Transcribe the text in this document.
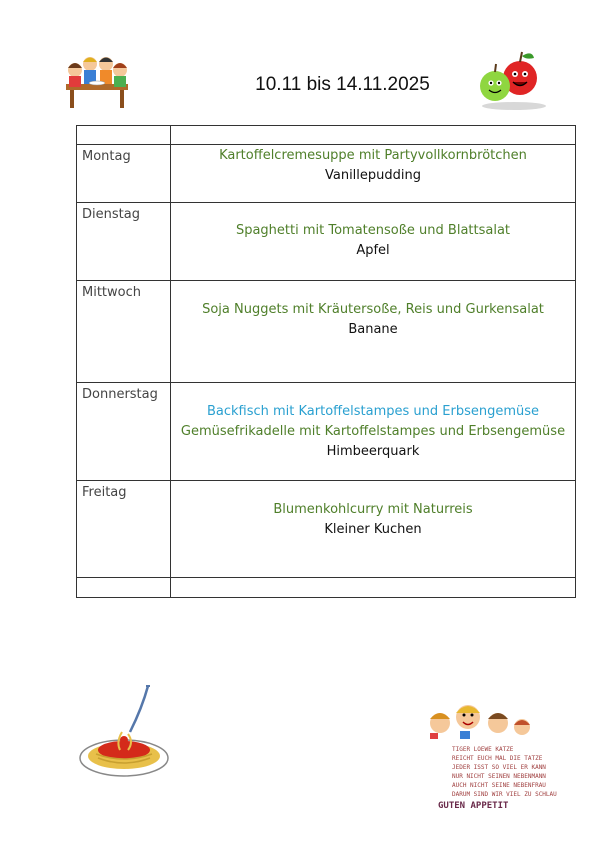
10.11 bis 14.11.2025

Montag	Kartoffelcremesuppe mit Partyvollkornbrötchen
Vanillepudding

Dienstag	Spaghetti mit Tomatensoße und Blattsalat
Apfel

Mittwoch	Soja Nuggets mit Kräutersoße, Reis und Gurkensalat
Banane

Donnerstag	Backfisch mit Kartoffelstampes und Erbsengemüse
Gemüsefrikadelle mit Kartoffelstampes und Erbsengemüse
Himbeerquark

Freitag	Blumenkohlcurry mit Naturreis
Kleiner Kuchen

TIGER LOEWE KATZE
REICHT EUCH MAL DIE TATZE
JEDER ISST SO VIEL ER KANN
NUR NICHT SEINEN NEBENMANN
AUCH NICHT SEINE NEBENFRAU
DARUM SIND WIR VIEL ZU SCHLAU
GUTEN APPETIT
